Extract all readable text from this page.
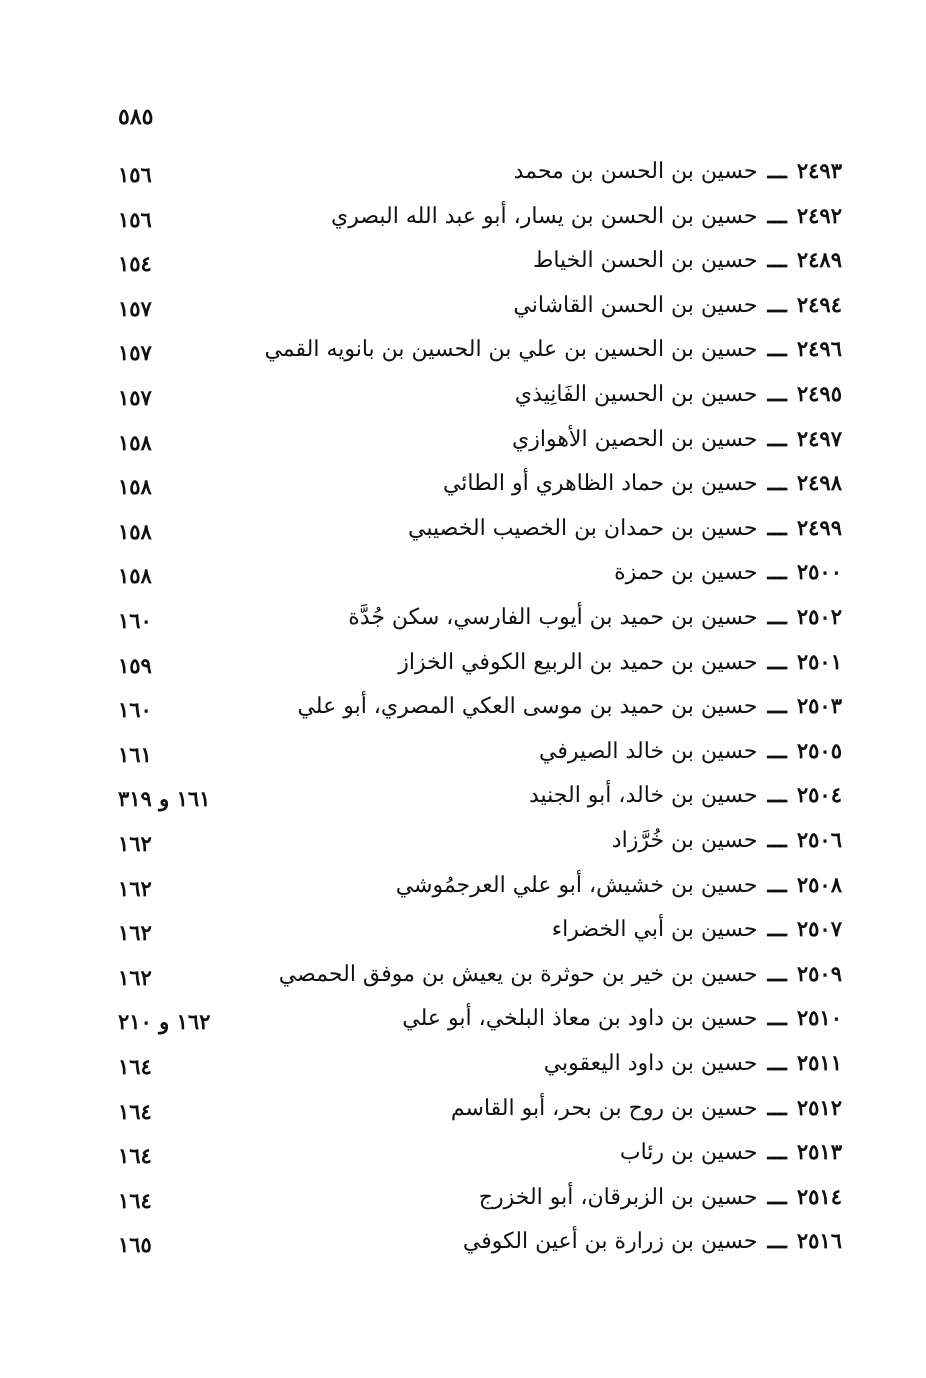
٥٨٥
١٥٦	٢٤٩٣ـــحسين بن الحسن بن محمد
١٥٦	٢٤٩٢ـــحسين بن الحسن بن يسار، أبو عبد الله البصري
١٥٤	٢٤٨٩ـــحسين بن الحسن الخياط
١٥٧	٢٤٩٤ـــحسين بن الحسن القاشاني
١٥٧	٢٤٩٦ـــحسين بن الحسين بن علي بن الحسين بن بانويه القمي
١٥٧	٢٤٩٥ـــحسين بن الحسين الفَانِيذي
١٥٨	٢٤٩٧ـــحسين بن الحصين الأهوازي
١٥٨	٢٤٩٨ـــحسين بن حماد الظاهري أو الطائي
١٥٨	٢٤٩٩ـــحسين بن حمدان بن الخصيب الخصيبي
١٥٨	٢٥٠٠ـــحسين بن حمزة
١٦٠	٢٥٠٢ـــحسين بن حميد بن أيوب الفارسي، سكن جُدَّة
١٥٩	٢٥٠١ـــحسين بن حميد بن الربيع الكوفي الخزاز
١٦٠	٢٥٠٣ـــحسين بن حميد بن موسى العكي المصري، أبو علي
١٦١	٢٥٠٥ـــحسين بن خالد الصيرفي
١٦١ و ٣١٩	٢٥٠٤ـــحسين بن خالد، أبو الجنيد
١٦٢	٢٥٠٦ـــحسين بن خُرَّزاد
١٦٢	٢٥٠٨ـــحسين بن خشيش، أبو علي العرجمُوشي
١٦٢	٢٥٠٧ـــحسين بن أبي الخضراء
١٦٢	٢٥٠٩ـــحسين بن خير بن حوثرة بن يعيش بن موفق الحمصي
١٦٢ و ٢١٠	٢٥١٠ـــحسين بن داود بن معاذ البلخي، أبو علي
١٦٤	٢٥١١ـــحسين بن داود اليعقوبي
١٦٤	٢٥١٢ـــحسين بن روح بن بحر، أبو القاسم
١٦٤	٢٥١٣ـــحسين بن رئاب
١٦٤	٢٥١٤ـــحسين بن الزبرقان، أبو الخزرج
١٦٥	٢٥١٦ـــحسين بن زرارة بن أعين الكوفي
